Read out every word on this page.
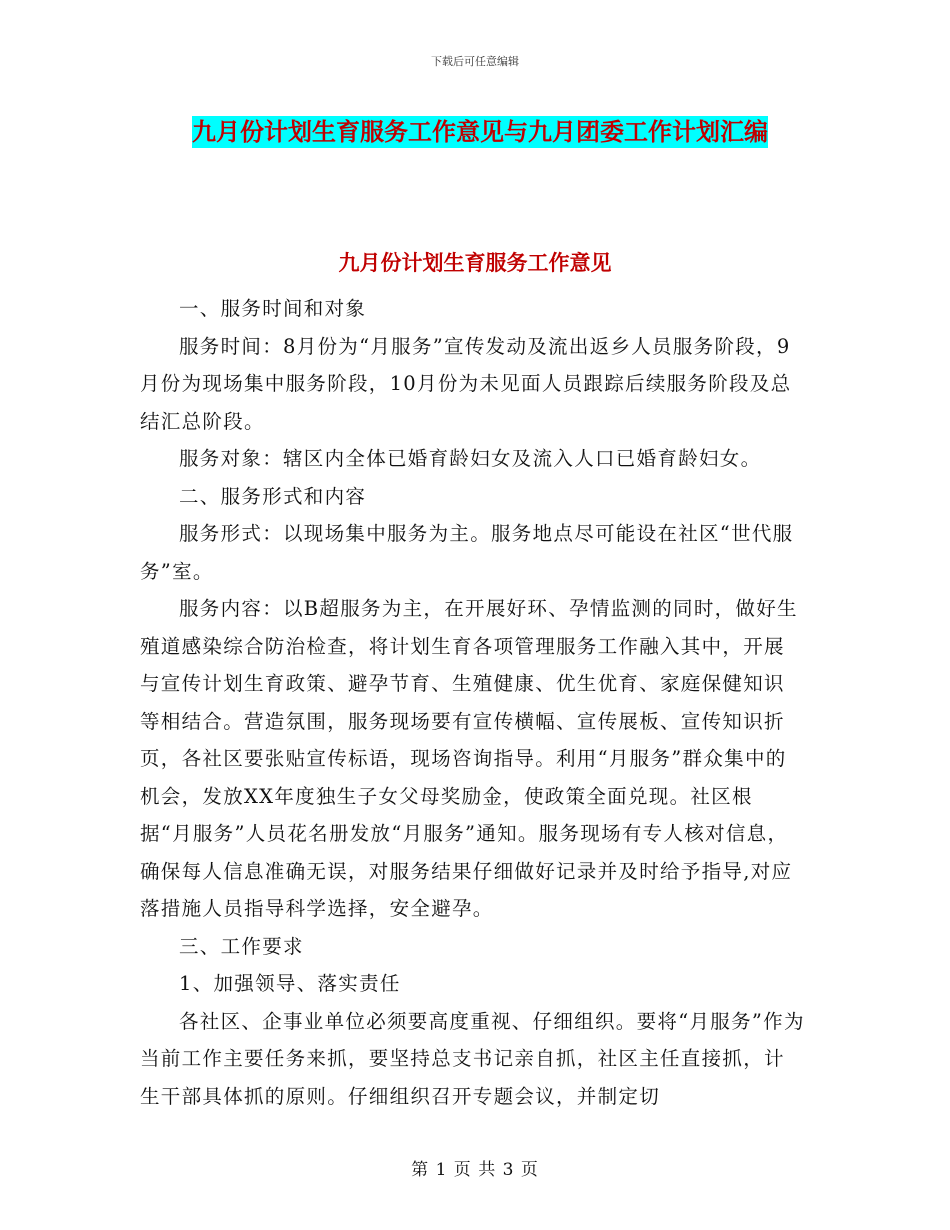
下载后可任意编辑
九月份计划生育服务工作意见与九月团委工作计划汇编
九月份计划生育服务工作意见

一、服务时间和对象

服务时间：8月份为“月服务”宣传发动及流出返乡人员服务阶段，9月份为现场集中服务阶段，10月份为未见面人员跟踪后续服务阶段及总结汇总阶段。

服务对象：辖区内全体已婚育龄妇女及流入人口已婚育龄妇女。

二、服务形式和内容

服务形式：以现场集中服务为主。服务地点尽可能设在社区“世代服务”室。

服务内容：以B超服务为主，在开展好环、孕情监测的同时，做好生殖道感染综合防治检查，将计划生育各项管理服务工作融入其中，开展与宣传计划生育政策、避孕节育、生殖健康、优生优育、家庭保健知识等相结合。营造氛围，服务现场要有宣传横幅、宣传展板、宣传知识折页，各社区要张贴宣传标语，现场咨询指导。利用“月服务”群众集中的机会，发放XX年度独生子女父母奖励金，使政策全面兑现。社区根据“月服务”人员花名册发放“月服务”通知。服务现场有专人核对信息，确保每人信息准确无误，对服务结果仔细做好记录并及时给予指导,对应落措施人员指导科学选择，安全避孕。

三、工作要求

1、加强领导、落实责任

各社区、企事业单位必须要高度重视、仔细组织。要将“月服务”作为当前工作主要任务来抓，要坚持总支书记亲自抓，社区主任直接抓，计生干部具体抓的原则。仔细组织召开专题会议，并制定切

第 1 页 共 3 页
